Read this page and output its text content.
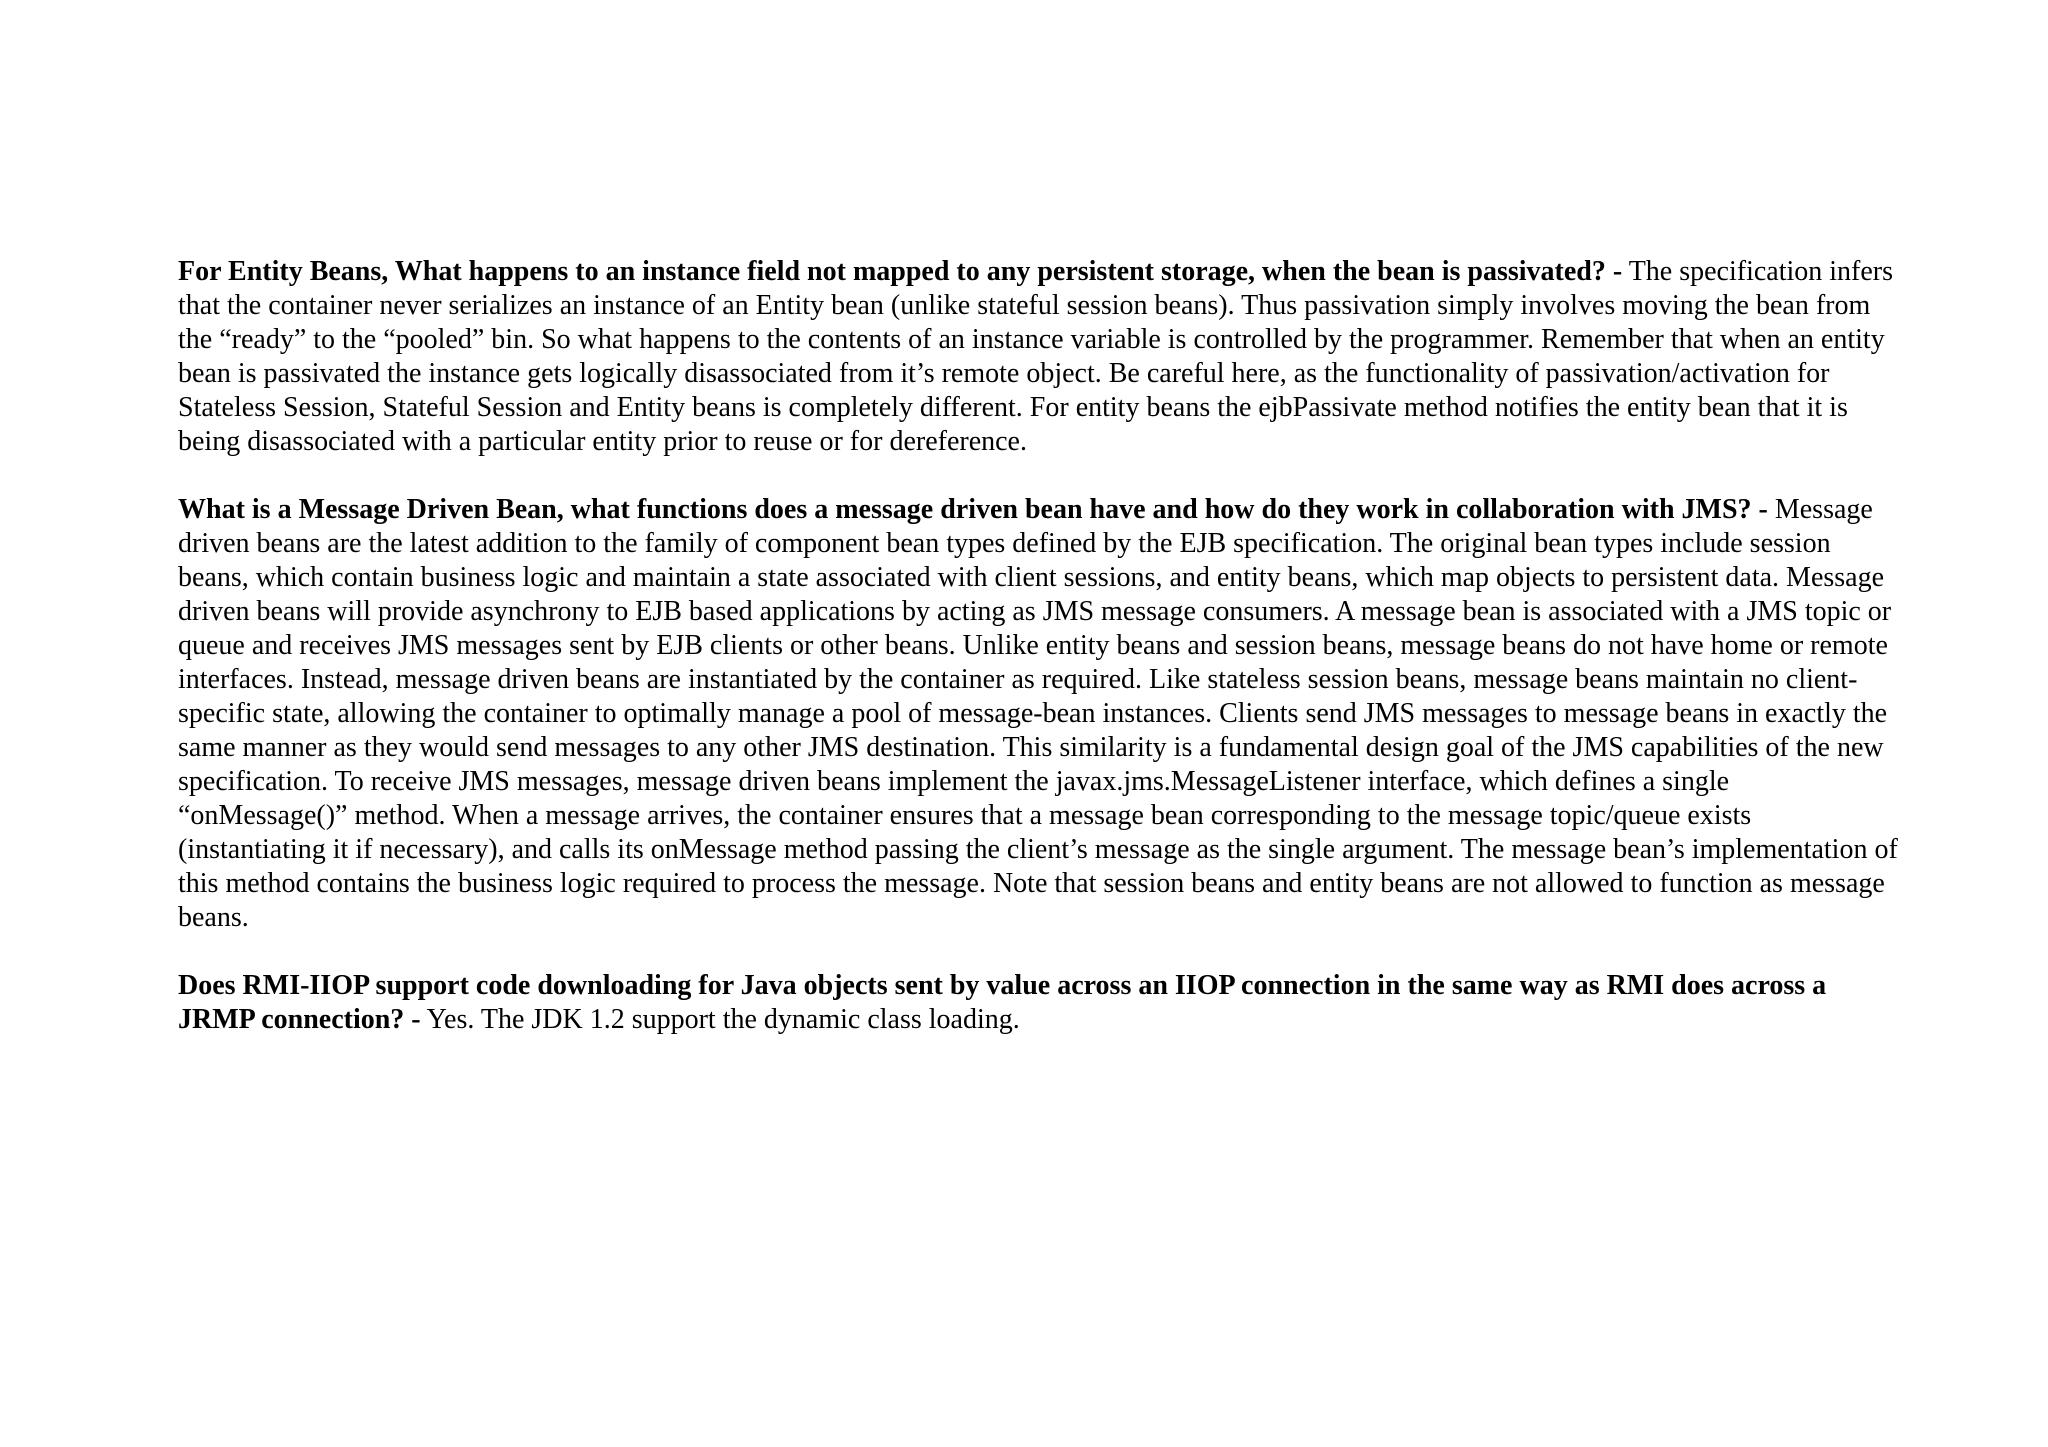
For Entity Beans, What happens to an instance field not mapped to any persistent storage, when the bean is passivated? - The specification infers that the container never serializes an instance of an Entity bean (unlike stateful session beans). Thus passivation simply involves moving the bean from the “ready” to the “pooled” bin. So what happens to the contents of an instance variable is controlled by the programmer. Remember that when an entity bean is passivated the instance gets logically disassociated from it’s remote object. Be careful here, as the functionality of passivation/activation for Stateless Session, Stateful Session and Entity beans is completely different. For entity beans the ejbPassivate method notifies the entity bean that it is being disassociated with a particular entity prior to reuse or for dereference.

What is a Message Driven Bean, what functions does a message driven bean have and how do they work in collaboration with JMS? - Message driven beans are the latest addition to the family of component bean types defined by the EJB specification. The original bean types include session beans, which contain business logic and maintain a state associated with client sessions, and entity beans, which map objects to persistent data. Message driven beans will provide asynchrony to EJB based applications by acting as JMS message consumers. A message bean is associated with a JMS topic or queue and receives JMS messages sent by EJB clients or other beans. Unlike entity beans and session beans, message beans do not have home or remote interfaces. Instead, message driven beans are instantiated by the container as required. Like stateless session beans, message beans maintain no client-specific state, allowing the container to optimally manage a pool of message-bean instances. Clients send JMS messages to message beans in exactly the same manner as they would send messages to any other JMS destination. This similarity is a fundamental design goal of the JMS capabilities of the new specification. To receive JMS messages, message driven beans implement the javax.jms.MessageListener interface, which defines a single “onMessage()” method. When a message arrives, the container ensures that a message bean corresponding to the message topic/queue exists (instantiating it if necessary), and calls its onMessage method passing the client’s message as the single argument. The message bean’s implementation of this method contains the business logic required to process the message. Note that session beans and entity beans are not allowed to function as message beans.

Does RMI-IIOP support code downloading for Java objects sent by value across an IIOP connection in the same way as RMI does across a JRMP connection? - Yes. The JDK 1.2 support the dynamic class loading.
